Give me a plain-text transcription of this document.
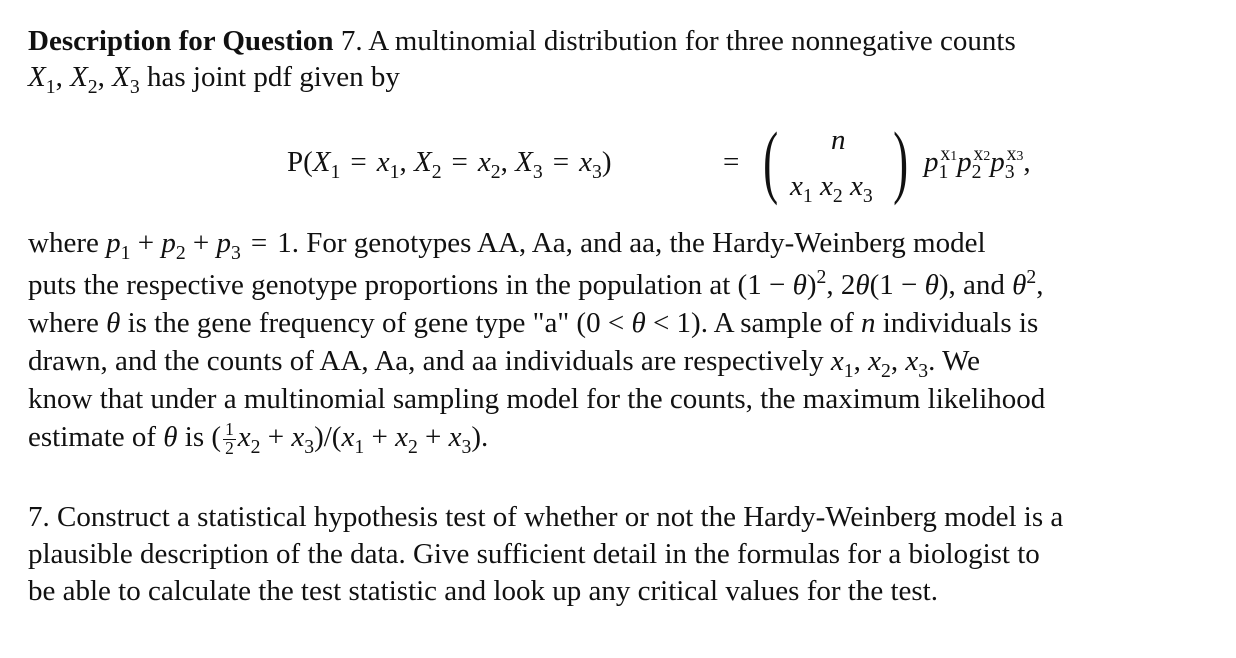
Description for Question 7. A multinomial distribution for three nonnegative counts
$X_1$, $X_2$, $X_3$ has joint pdf given by
$P(X_1 = x_1$, $X_2 = x_2$, $X_3 = x_3$)	= ( n
$x_1$ $x_2$ $x_3$ ) $p_1^{x1}p_2^{x2}p_3^{x3}$,
where $p_1 + p_2 + p_3 = 1$. For genotypes AA, Aa, and aa, the Hardy-Weinberg model
puts the respective genotype proportions in the population at $(1 - \theta)^2$, 2θ(1 − θ), and $\theta^2$,
where θ is the gene frequency of gene type "a" (0 < θ < 1). A sample of n individuals is
drawn, and the counts of AA, Aa, and aa individuals are respectively $x_1$, $x_2$, $x_3$. We
know that under a multinomial sampling model for the counts, the maximum likelihood
estimate of θ is ( $\frac{1}{2} x_2 + x_3)/(x_1 + x_2 + x_3)$.
7. Construct a statistical hypothesis test of whether or not the Hardy-Weinberg model is a
plausible description of the data. Give sufficient detail in the formulas for a biologist to
be able to calculate the test statistic and look up any critical values for the test.
